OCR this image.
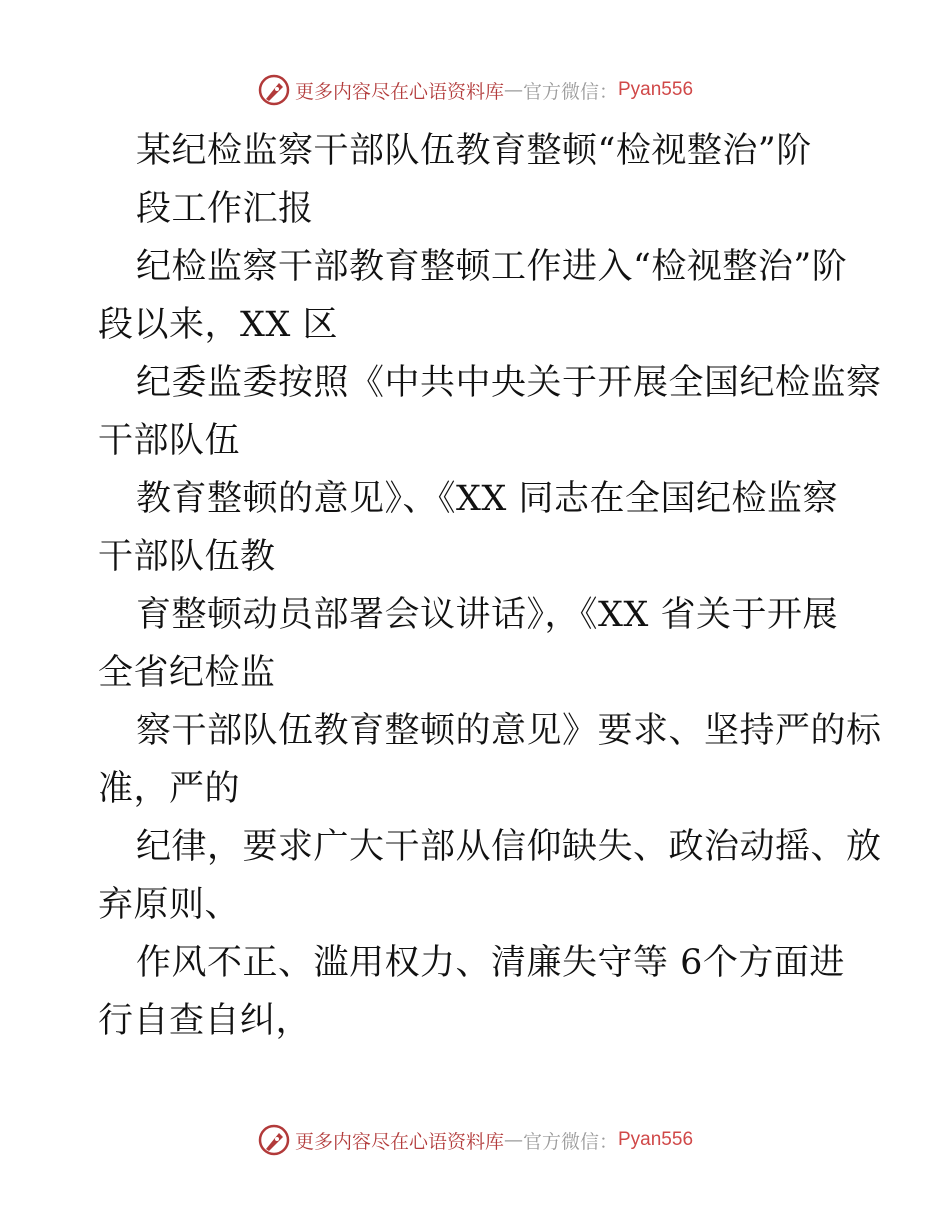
更多内容尽在心语资料库 — 官方微信： Pyan556
某纪检监察干部队伍教育整顿“检视整治”阶
段工作汇报
纪检监察干部教育整顿工作进入“检视整治”阶
段以来，XX 区
纪委监委按照《中共中央关于开展全国纪检监察
干部队伍
教育整顿的意见》、《XX 同志在全国纪检监察
干部队伍教
育整顿动员部署会议讲话》，《XX 省关于开展
全省纪检监
察干部队伍教育整顿的意见》要求、坚持严的标
准，严的
纪律，要求广大干部从信仰缺失、政治动摇、放
弃原则、
作风不正、滥用权力、清廉失守等 6个方面进
行自查自纠，
更多内容尽在心语资料库 — 官方微信： Pyan556
